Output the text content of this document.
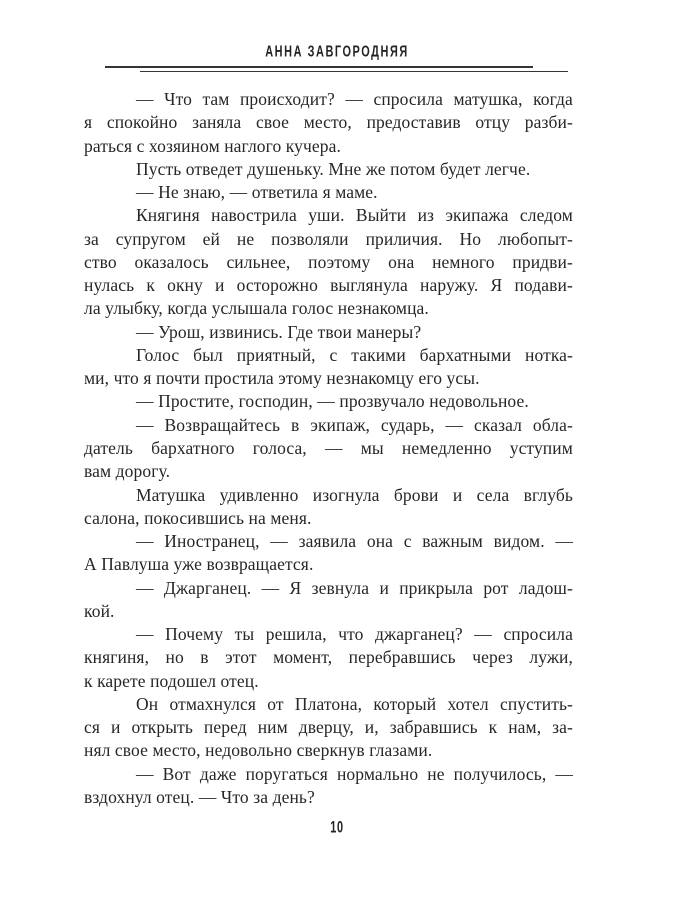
АННА ЗАВГОРОДНЯЯ
— Что там происходит? — спросила матушка, когда
я спокойно заняла свое место, предоставив отцу разби-
раться с хозяином наглого кучера.
Пусть отведет душеньку. Мне же потом будет легче.
— Не знаю, — ответила я маме.
Княгиня навострила уши. Выйти из экипажа следом
за супругом ей не позволяли приличия. Но любопыт-
ство оказалось сильнее, поэтому она немного придви-
нулась к окну и осторожно выглянула наружу. Я подави-
ла улыбку, когда услышала голос незнакомца.
— Урош, извинись. Где твои манеры?
Голос был приятный, с такими бархатными нотка-
ми, что я почти простила этому незнакомцу его усы.
— Простите, господин, — прозвучало недовольное.
— Возвращайтесь в экипаж, сударь, — сказал обла-
датель бархатного голоса, — мы немедленно уступим
вам дорогу.
Матушка удивленно изогнула брови и села вглубь
салона, покосившись на меня.
— Иностранец, — заявила она с важным видом. —
А Павлуша уже возвращается.
— Джарганец. — Я зевнула и прикрыла рот ладош-
кой.
— Почему ты решила, что джарганец? — спросила
княгиня, но в этот момент, перебравшись через лужи,
к карете подошел отец.
Он отмахнулся от Платона, который хотел спустить-
ся и открыть перед ним дверцу, и, забравшись к нам, за-
нял свое место, недовольно сверкнув глазами.
— Вот даже поругаться нормально не получилось, —
вздохнул отец. — Что за день?
10
